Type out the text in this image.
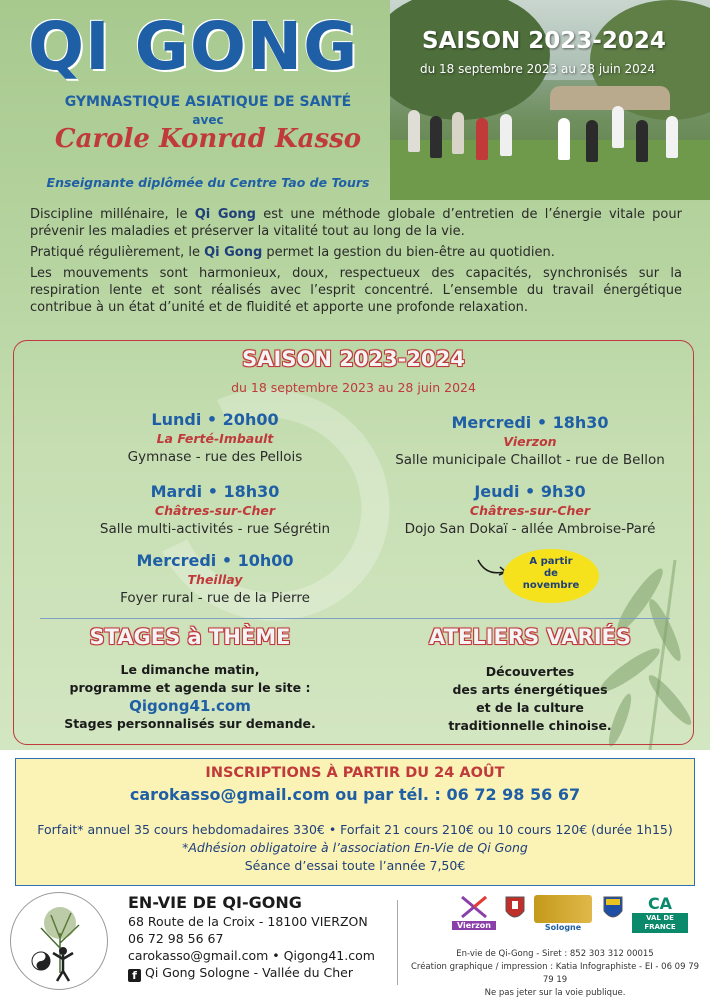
QI GONG	SAISON 2023-2024
du 18 septembre 2023 au 28 juin 2024
GYMNASTIQUE ASIATIQUE DE SANTÉ
avec
Carole Konrad Kasso
Enseignante diplômée du Centre Tao de Tours

Discipline millénaire, le Qi Gong est une méthode globale d’entretien de l’énergie vitale pour prévenir les maladies et préserver la vitalité tout au long de la vie.

Pratiqué régulièrement, le Qi Gong permet la gestion du bien-être au quotidien.

Les mouvements sont harmonieux, doux, respectueux des capacités, synchronisés sur la respiration lente et sont réalisés avec l’esprit concentré. L’ensemble du travail énergétique contribue à un état d’unité et de fluidité et apporte une profonde relaxation.

SAISON 2023-2024
du 18 septembre 2023 au 28 juin 2024
Lundi • 20h00
La Ferté-Imbault
Gymnase - rue des Pellois
Mardi • 18h30
Châtres-sur-Cher
Salle multi-activités - rue Ségrétin
Mercredi • 10h00
Theillay
Foyer rural - rue de la Pierre
Mercredi • 18h30
Vierzon
Salle municipale Chaillot - rue de Bellon
Jeudi • 9h30
Châtres-sur-Cher
Dojo San Dokaï - allée Ambroise-Paré
A partir
de
novembre
STAGES à THÈME
Le dimanche matin,
programme et agenda sur le site :
Qigong41.com
Stages personnalisés sur demande.
ATELIERS VARIÉS
Découvertes
des arts énergétiques
et de la culture
traditionnelle chinoise.
INSCRIPTIONS À PARTIR DU 24 AOÛT
carokasso@gmail.com ou par tél. : 06 72 98 56 67
Forfait* annuel 35 cours hebdomadaires 330€ • Forfait 21 cours 210€ ou 10 cours 120€ (durée 1h15)
*Adhésion obligatoire à l’association En-Vie de Qi Gong
Séance d’essai toute l’année 7,50€
EN-VIE DE QI-GONG
68 Route de la Croix - 18100 VIERZON
06 72 98 56 67
carokasso@gmail.com • Qigong41.com
f Qi Gong Sologne - Vallée du Cher
Vierzon	Sologne
CA
VAL DE FRANCE
En-vie de Qi-Gong - Siret : 852 303 312 00015
Création graphique / impression : Katia Infographiste - EI - 06 09 79 79 19
Ne pas jeter sur la voie publique.
